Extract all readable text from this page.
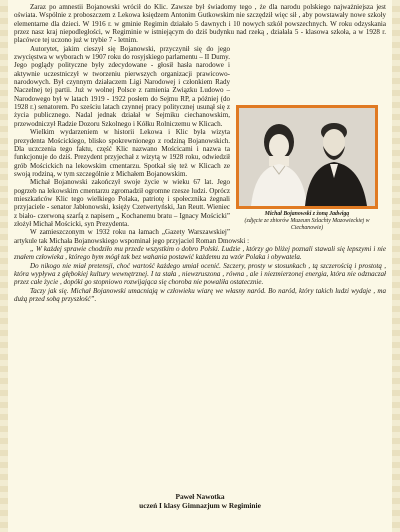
Zaraz po amnestii Bojanowski wrócił do Klic. Zawsze był świadomy tego , że dla narodu polskiego najważniejsza jest oświata. Wspólnie z proboszczem z Lekowa księdzem Antonim Gutkowskim nie szczędził więc sił , aby powstawały nowe szkoły elementarne dla dzieci. W 1916 r. w gminie Regimin działało 5 dawnych i 10 nowych szkół powszechnych. W roku odzyskania przez nasz kraj niepodległości, w Regiminie w istniejącym do dziś budynku nad rzeką , działała 5 - klasowa szkoła, a w 1928 r. placówce tej uczono już w trybie 7 - letnim.

Michał Bojanowski z żoną Jadwigą
(zdjęcie ze zbiorów Muzeum Szlachty Mazowieckiej w Ciechanowie)

Autorytet, jakim cieszył się Bojanowski, przyczynił się do jego zwycięstwa w wyborach w 1907 roku do rosyjskiego parlamentu – II Dumy. Jego poglądy polityczne były zdecydowane - głosił hasła narodowe i aktywnie uczestniczył w tworzeniu pierwszych organizacji prawicowo-narodowych. Był czynnym działaczem Ligi Narodowej i członkiem Rady Naczelnej tej partii. Już w wolnej Polsce z ramienia Związku Ludowo – Narodowego był w latach 1919 - 1922 posłem do Sejmu RP, a później (do 1928 r.) senatorem. Po sześciu latach czynnej pracy politycznej usunął się z życia publicznego. Nadal jednak działał w Sejmiku ciechanowskim, przewodniczył Radzie Dozoru Szkolnego i Kółku Rolniczemu w Klicach.

Wielkim wydarzeniem w historii Lekowa i Klic była wizyta prezydenta Mościckiego, blisko spokrewnionego z rodziną Bojanowskich. Dla uczczenia tego faktu, część Klic nazwano Mościcami i nazwa ta funkcjonuje do dziś. Prezydent przyjechał z wizytą w 1928 roku, odwiedził grób Mościckich na lekowskim cmentarzu. Spotkał się też w Klicach ze swoją rodziną, w tym szczególnie z Michałem Bojanowskim.

Michał Bojanowski zakończył swoje życie w wieku 67 lat. Jego pogrzeb na lekowskim cmentarzu zgromadził ogromne rzesze ludzi. Oprócz mieszkańców Klic tego wielkiego Polaka, patriotę i społecznika żegnali przyjaciele - senator Jabłonowski, księży Czetwertyński, Jan Reutt. Wieniec z biało- czerwoną szarfą z napisem „ Kochanemu bratu – Ignacy Mościcki” złożył Michał Mościcki, syn Prezydenta.

W zamieszczonym w 1932 roku na łamach „Gazety Warszawskiej” artykule tak Michała Bojanowskiego wspominał jego przyjaciel Roman Dmowski :

„ W każdej sprawie chodziło mu przede wszystkim o dobro Polski. Ludzie , którzy go bliżej poznali stawali się lepszymi i nie znałem człowieka , którego bym mógł tak bez wahania postawić każdemu za wzór Polaka i obywatela.

Do nikogo nie miał pretensji, choć wartość każdego umiał ocenić. Szczery, prosty w stosunkach , tą szczerością i prostotą , która wypływa z głębokiej kultury wewnętrznej. I ta stała , niewzruszona , równa , ale i niezmierzonej energia, która nie odznaczał przez całe życie , dopóki go stopniowo rozwijająca się choroba nie powaliła ostatecznie.

Taczy jak się. Michał Bojanowski umacniają w człowieku wiarę we własny naród. Bo naród, który takich ludzi wydaje , ma dużą przed sobą przyszłość”.

Paweł Nawotka
uczeń I klasy Gimnazjum w Regiminie
